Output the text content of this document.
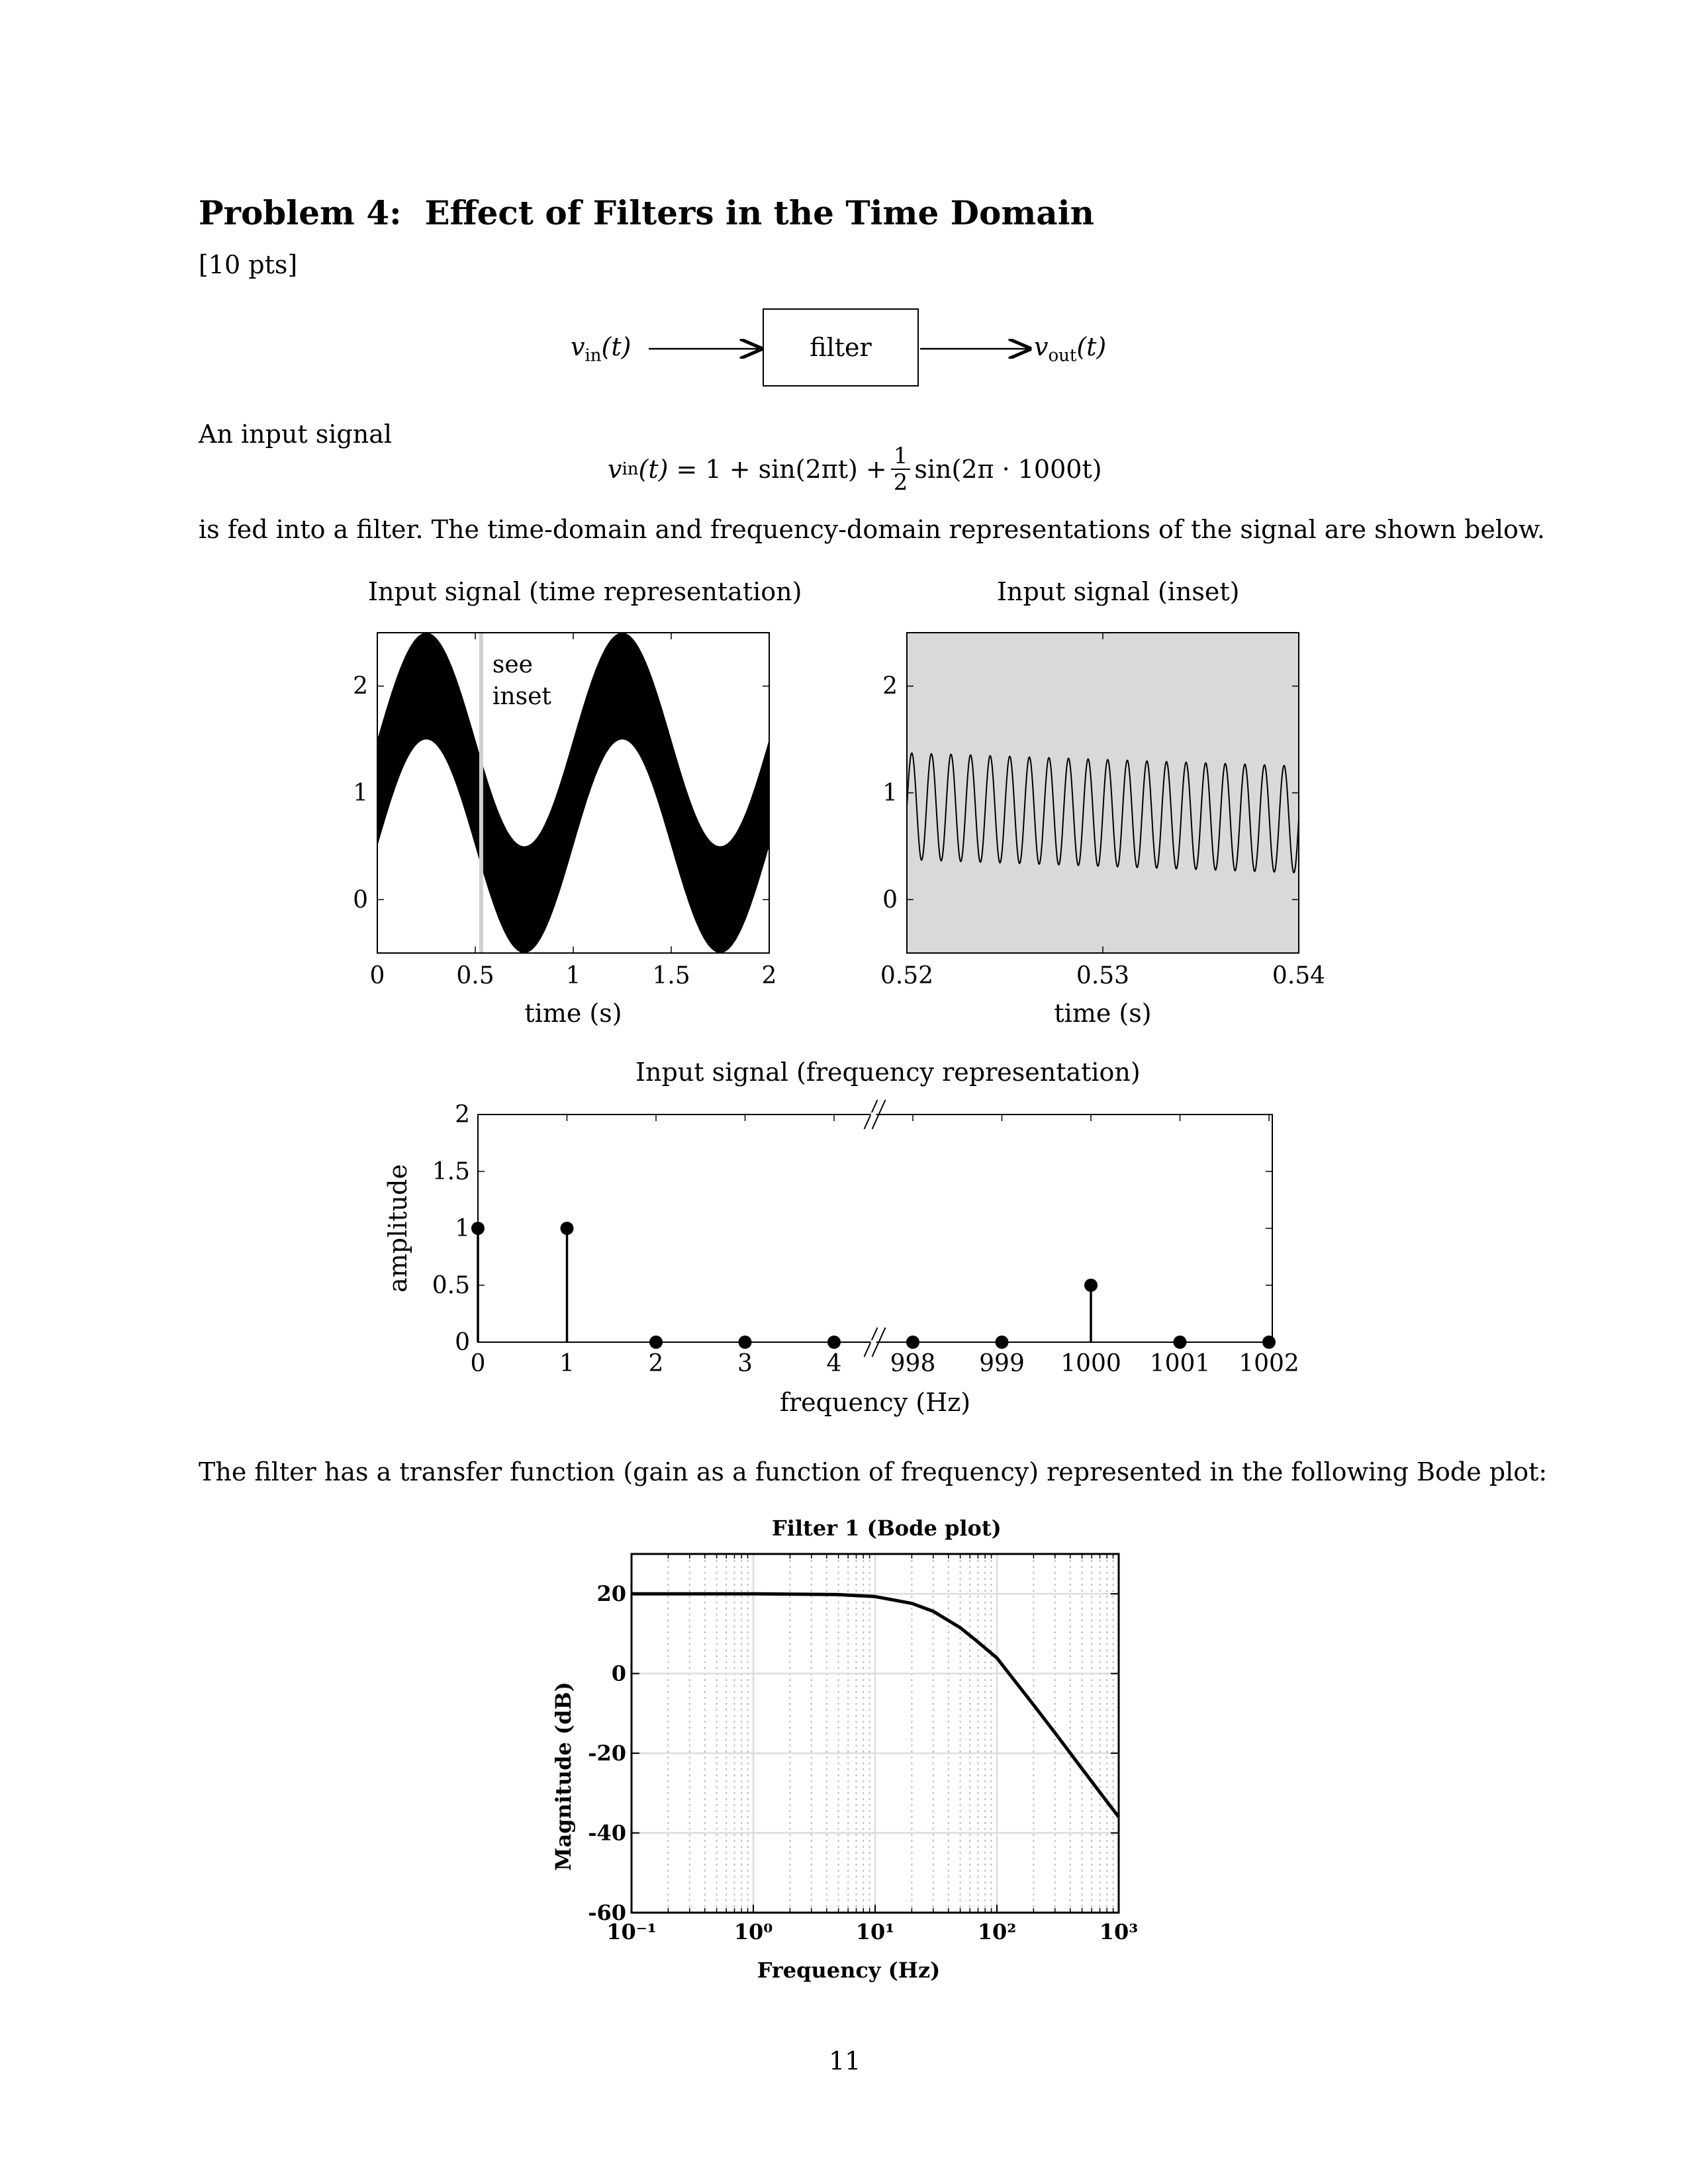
Problem 4: Effect of Filters in the Time Domain
[10 pts]
$v_{in}(t)$	filter	$v_{out}(t)$
An input signal
v in (t)
= $1 + \sin(2\pi t) + \frac{1}{2} \sin(2\pi \cdot 1000t)$
is fed into a filter. The time-domain and frequency-domain representations of the signal are shown below.
Input signal (time representation)
see
inset
0	0.5	1	1.5	2
0
1
2
time (s)
Input signal (inset)
0.52	0.53	0.54
0
1
2
time (s)
Input signal (frequency representation)
0
0.5
1
1.5
2
0	1	2	3	4 998 999 1000 1001 1002
frequency (Hz)
amplitude
The filter has a transfer function (gain as a function of frequency) represented in the following Bode plot:
Filter 1 (Bode plot)
10⁻¹	10⁰	10¹	10²	10³
20
0
-20
-40
-60
Frequency (Hz)
Magnitude (dB)
11
